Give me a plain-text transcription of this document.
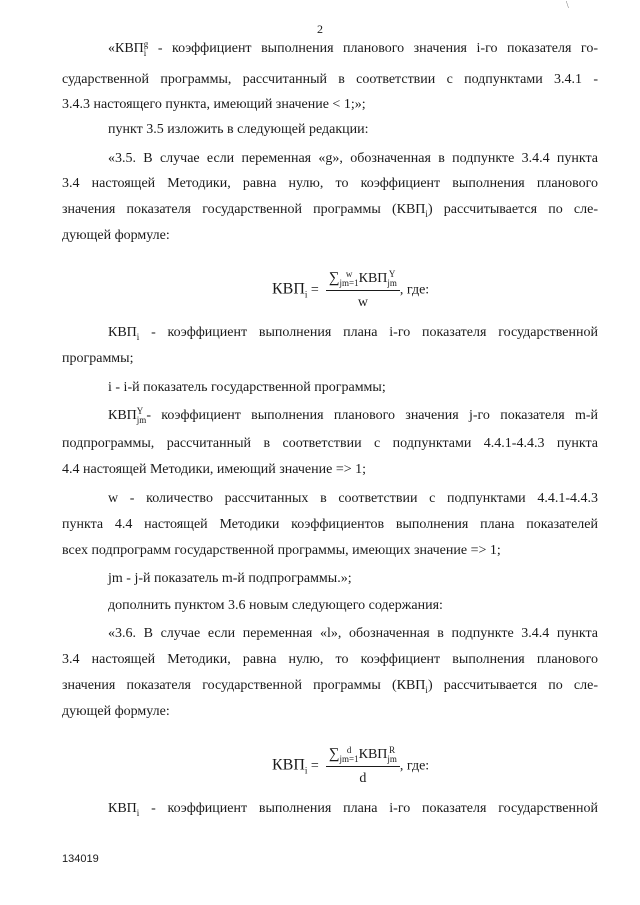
2
\

«КВП g
i - коэффициент выполнения планового значения i-го показателя го-

сударственной программы, рассчитанный в соответствии с подпунктами 3.4.1 -

3.4.3 настоящего пункта, имеющий значение < 1;»;

пункт 3.5 изложить в следующей редакции:

«3.5. В случае если переменная «g», обозначенная в подпункте 3.4.4 пункта

3.4 настоящей Методики, равна нулю, то коэффициент выполнения планового

значения показателя государственной программы $(КВП_i)$ рассчитывается по сле-

дующей формуле:

$КВП_i$ = ∑ w
jm=1 КВП Y
jm
w , где:

$КВП_i$ - коэффициент выполнения плана i-го показателя государственной

программы;

i - i-й показатель государственной программы;

КВП Y
jm - коэффициент выполнения планового значения j-го показателя m-й

подпрограммы, рассчитанный в соответствии с подпунктами 4.4.1-4.4.3 пункта

4.4 настоящей Методики, имеющий значение => 1;

w - количество рассчитанных в соответствии с подпунктами 4.4.1-4.4.3

пункта 4.4 настоящей Методики коэффициентов выполнения плана показателей

всех подпрограмм государственной программы, имеющих значение => 1;

jm - j-й показатель m-й подпрограммы.»;

дополнить пунктом 3.6 новым следующего содержания:

«3.6. В случае если переменная «l», обозначенная в подпункте 3.4.4 пункта

3.4 настоящей Методики, равна нулю, то коэффициент выполнения планового

значения показателя государственной программы $(КВП_i)$ рассчитывается по сле-

дующей формуле:

$КВП_i$ = ∑ d
jm=1 КВП R
jm
d , где:

$КВП_i$ - коэффициент выполнения плана i-го показателя государственной

134019
